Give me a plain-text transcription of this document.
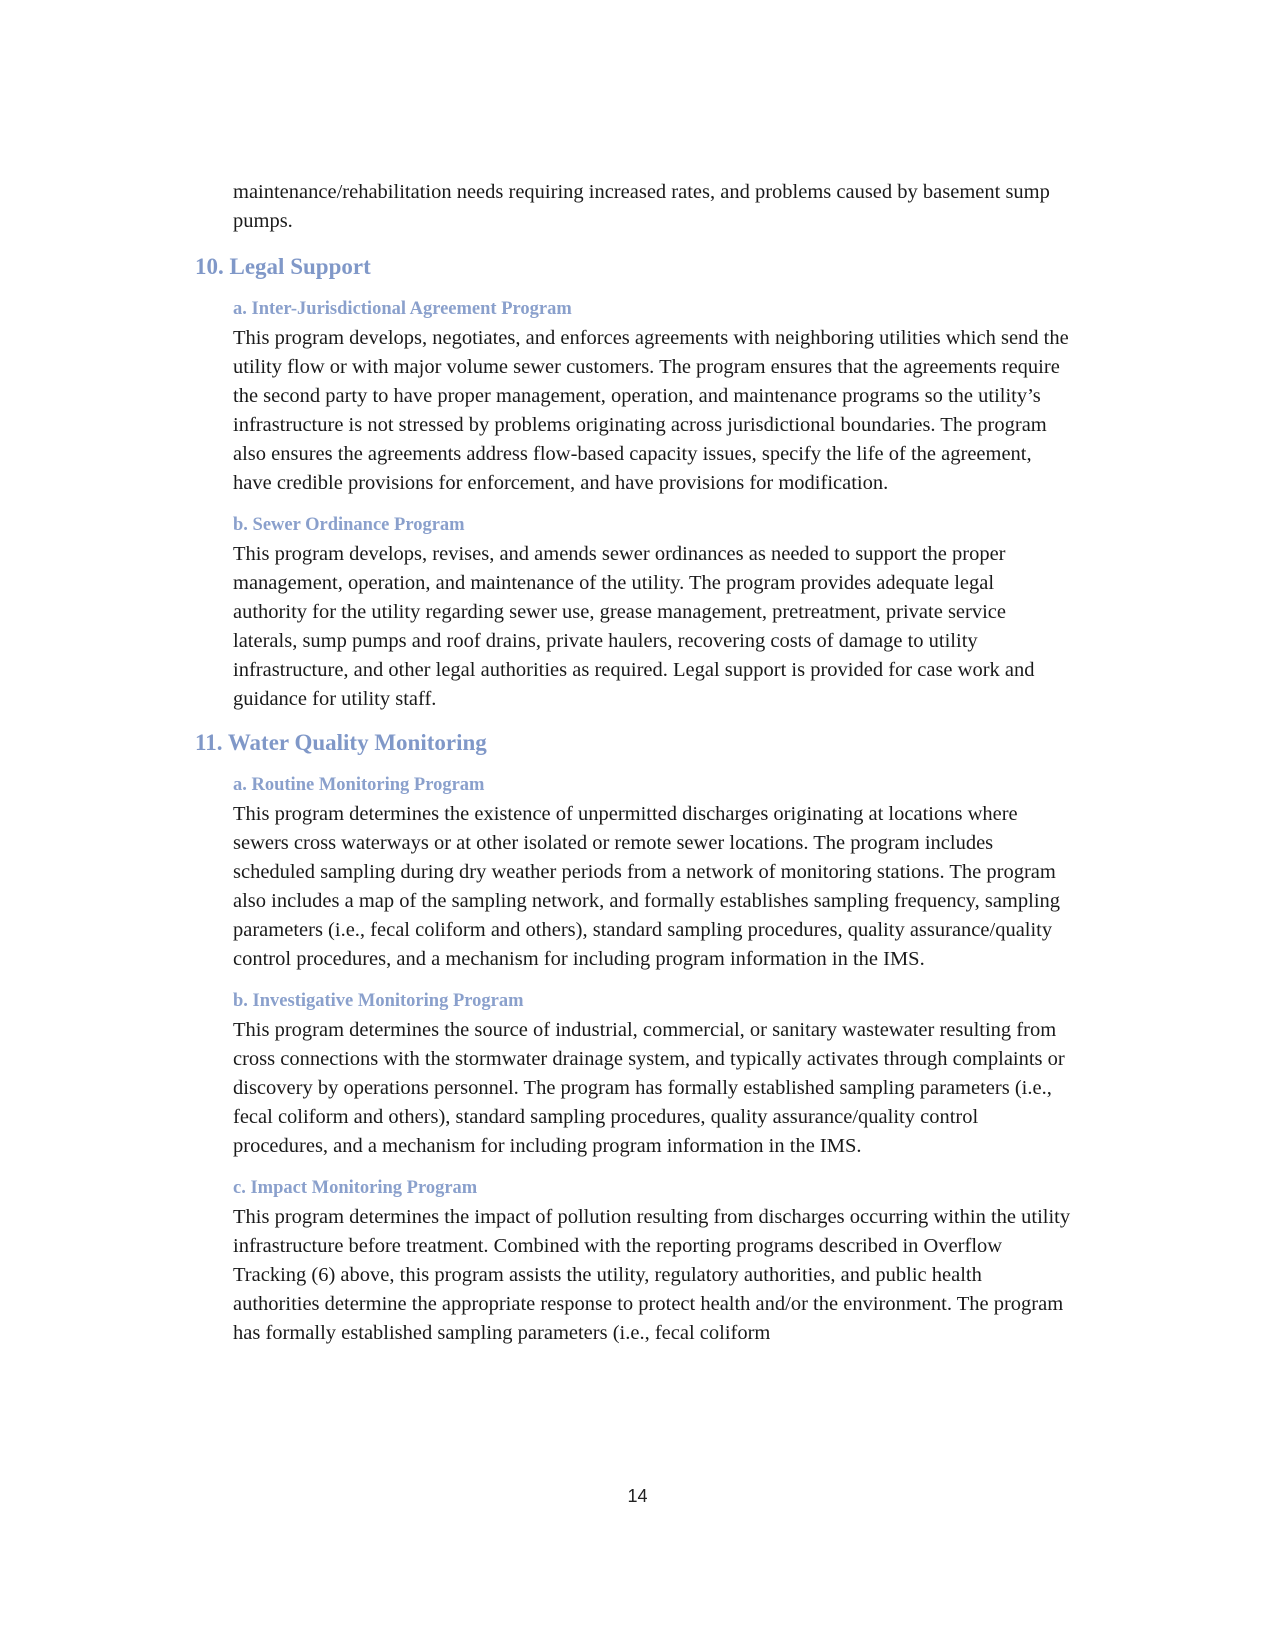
maintenance/rehabilitation needs requiring increased rates, and problems caused by basement sump pumps.

10. Legal Support
a. Inter-Jurisdictional Agreement Program

This program develops, negotiates, and enforces agreements with neighboring utilities which send the utility flow or with major volume sewer customers. The program ensures that the agreements require the second party to have proper management, operation, and maintenance programs so the utility’s infrastructure is not stressed by problems originating across jurisdictional boundaries. The program also ensures the agreements address flow-based capacity issues, specify the life of the agreement, have credible provisions for enforcement, and have provisions for modification.

b. Sewer Ordinance Program

This program develops, revises, and amends sewer ordinances as needed to support the proper management, operation, and maintenance of the utility. The program provides adequate legal authority for the utility regarding sewer use, grease management, pretreatment, private service laterals, sump pumps and roof drains, private haulers, recovering costs of damage to utility infrastructure, and other legal authorities as required. Legal support is provided for case work and guidance for utility staff.

11. Water Quality Monitoring
a. Routine Monitoring Program

This program determines the existence of unpermitted discharges originating at locations where sewers cross waterways or at other isolated or remote sewer locations. The program includes scheduled sampling during dry weather periods from a network of monitoring stations. The program also includes a map of the sampling network, and formally establishes sampling frequency, sampling parameters (i.e., fecal coliform and others), standard sampling procedures, quality assurance/quality control procedures, and a mechanism for including program information in the IMS.

b. Investigative Monitoring Program

This program determines the source of industrial, commercial, or sanitary wastewater resulting from cross connections with the stormwater drainage system, and typically activates through complaints or discovery by operations personnel. The program has formally established sampling parameters (i.e., fecal coliform and others), standard sampling procedures, quality assurance/quality control procedures, and a mechanism for including program information in the IMS.

c. Impact Monitoring Program

This program determines the impact of pollution resulting from discharges occurring within the utility infrastructure before treatment. Combined with the reporting programs described in Overflow Tracking (6) above, this program assists the utility, regulatory authorities, and public health authorities determine the appropriate response to protect health and/or the environment. The program has formally established sampling parameters (i.e., fecal coliform

14
